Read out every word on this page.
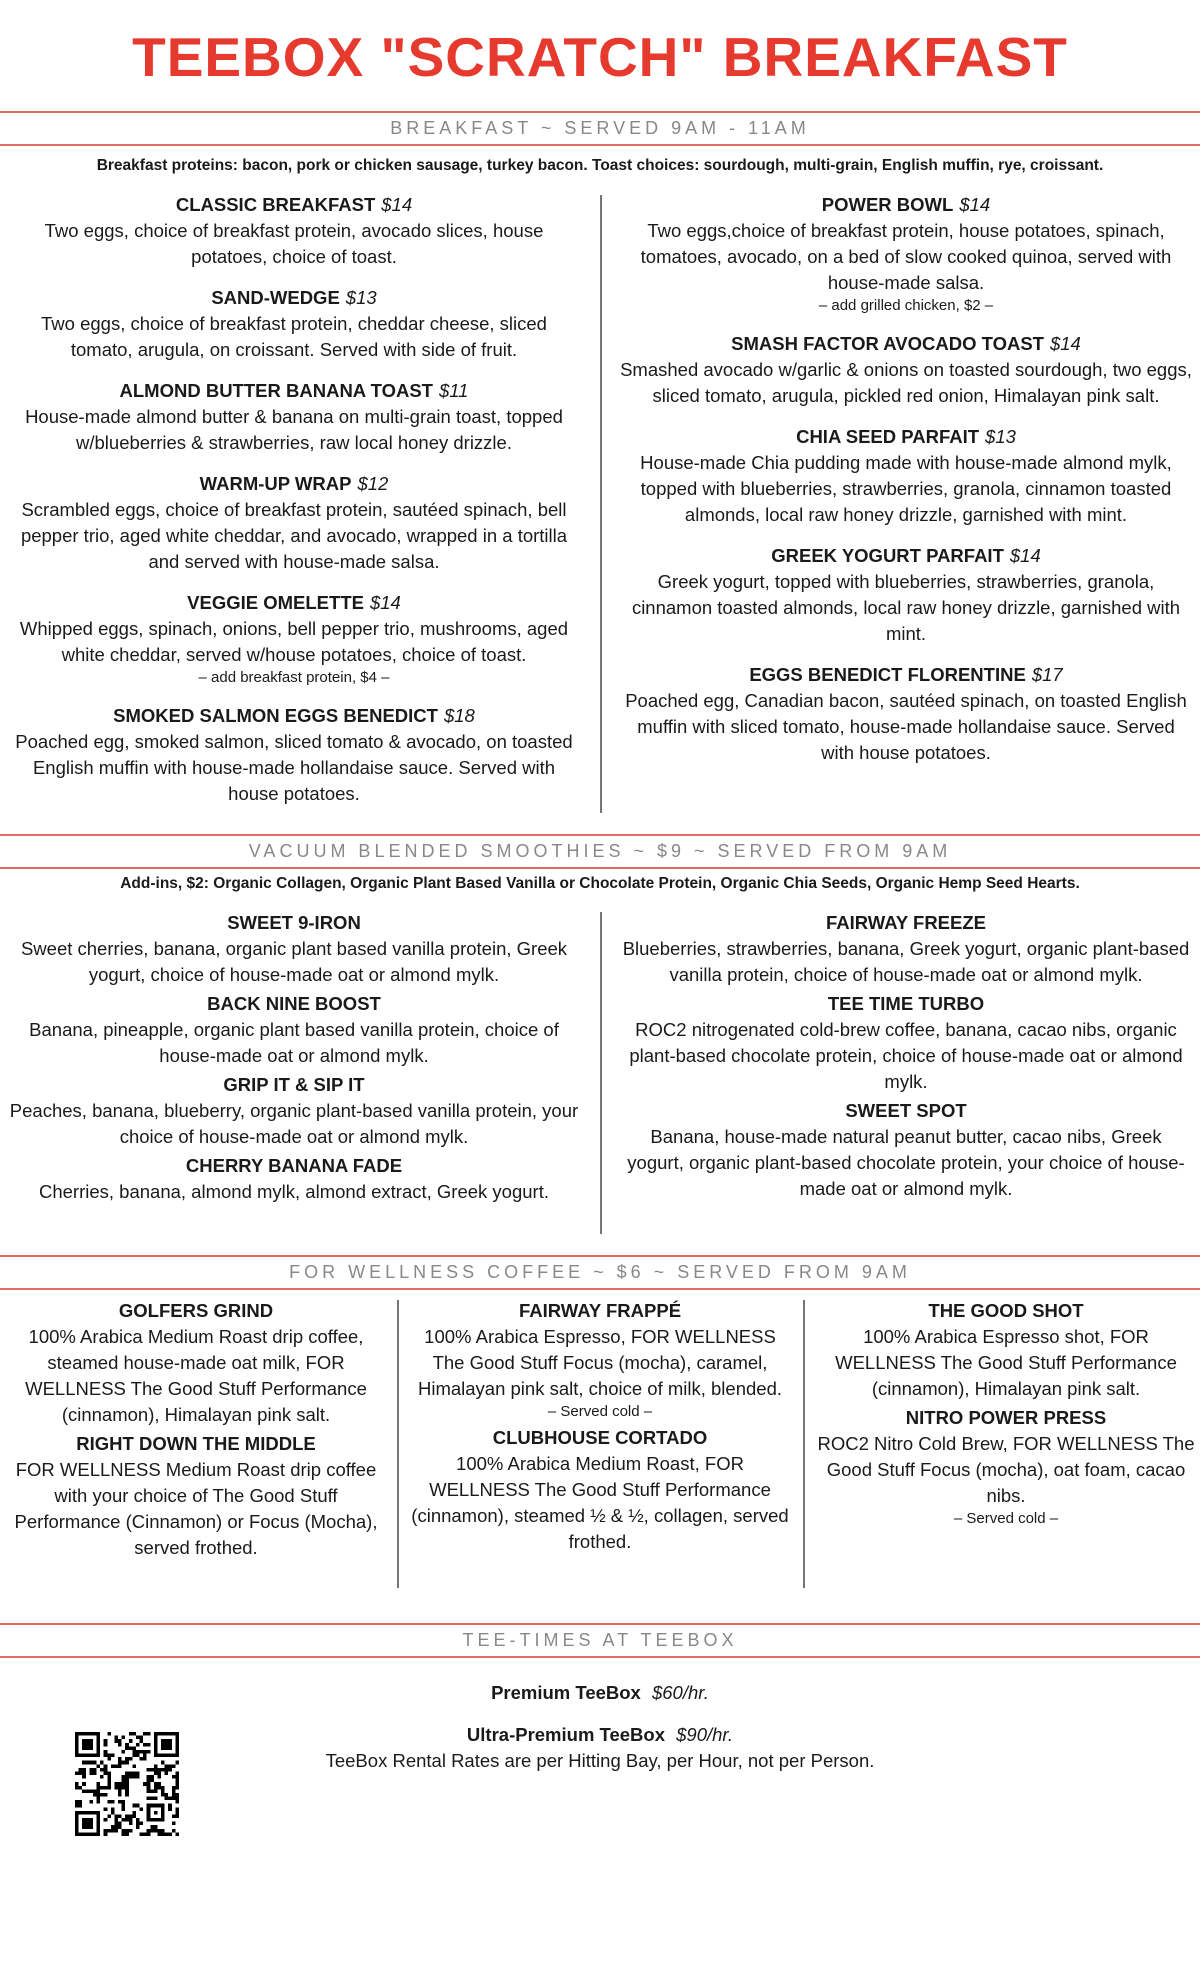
TEEBOX "SCRATCH" BREAKFAST
BREAKFAST ~ SERVED 9AM - 11AM
Breakfast proteins: bacon, pork or chicken sausage, turkey bacon. Toast choices: sourdough, multi-grain, English muffin, rye, croissant.
CLASSIC BREAKFAST $14
Two eggs, choice of breakfast protein, avocado slices, house potatoes, choice of toast.
SAND-WEDGE $13
Two eggs, choice of breakfast protein, cheddar cheese, sliced tomato, arugula, on croissant. Served with side of fruit.
ALMOND BUTTER BANANA TOAST $11
House-made almond butter & banana on multi-grain toast, topped w/blueberries & strawberries, raw local honey drizzle.
WARM-UP WRAP $12
Scrambled eggs, choice of breakfast protein, sautéed spinach, bell pepper trio, aged white cheddar, and avocado, wrapped in a tortilla and served with house-made salsa.
VEGGIE OMELETTE $14
Whipped eggs, spinach, onions, bell pepper trio, mushrooms, aged white cheddar, served w/house potatoes, choice of toast.
– add breakfast protein, $4 –
SMOKED SALMON EGGS BENEDICT $18
Poached egg, smoked salmon, sliced tomato & avocado, on toasted English muffin with house-made hollandaise sauce. Served with house potatoes.
POWER BOWL $14
Two eggs,choice of breakfast protein, house potatoes, spinach, tomatoes, avocado, on a bed of slow cooked quinoa, served with house-made salsa.
– add grilled chicken, $2 –
SMASH FACTOR AVOCADO TOAST $14
Smashed avocado w/garlic & onions on toasted sourdough, two eggs, sliced tomato, arugula, pickled red onion, Himalayan pink salt.
CHIA SEED PARFAIT $13
House-made Chia pudding made with house-made almond mylk, topped with blueberries, strawberries, granola, cinnamon toasted almonds, local raw honey drizzle, garnished with mint.
GREEK YOGURT PARFAIT $14
Greek yogurt, topped with blueberries, strawberries, granola, cinnamon toasted almonds, local raw honey drizzle, garnished with mint.
EGGS BENEDICT FLORENTINE $17
Poached egg, Canadian bacon, sautéed spinach, on toasted English muffin with sliced tomato, house-made hollandaise sauce. Served with house potatoes.
VACUUM BLENDED SMOOTHIES ~ $9 ~ SERVED FROM 9AM
Add-ins, $2: Organic Collagen, Organic Plant Based Vanilla or Chocolate Protein, Organic Chia Seeds, Organic Hemp Seed Hearts.
SWEET 9-IRON
Sweet cherries, banana, organic plant based vanilla protein, Greek yogurt, choice of house-made oat or almond mylk.
BACK NINE BOOST
Banana, pineapple, organic plant based vanilla protein, choice of house-made oat or almond mylk.
GRIP IT & SIP IT
Peaches, banana, blueberry, organic plant-based vanilla protein, your choice of house-made oat or almond mylk.
CHERRY BANANA FADE
Cherries, banana, almond mylk, almond extract, Greek yogurt.
FAIRWAY FREEZE
Blueberries, strawberries, banana, Greek yogurt, organic plant-based vanilla protein, choice of house-made oat or almond mylk.
TEE TIME TURBO
ROC2 nitrogenated cold-brew coffee, banana, cacao nibs, organic plant-based chocolate protein, choice of house-made oat or almond mylk.
SWEET SPOT
Banana, house-made natural peanut butter, cacao nibs, Greek yogurt, organic plant-based chocolate protein, your choice of house-made oat or almond mylk.
FOR WELLNESS COFFEE ~ $6 ~ SERVED FROM 9AM
GOLFERS GRIND
100% Arabica Medium Roast drip coffee, steamed house-made oat milk, FOR WELLNESS The Good Stuff Performance (cinnamon), Himalayan pink salt.
RIGHT DOWN THE MIDDLE
FOR WELLNESS Medium Roast drip coffee with your choice of The Good Stuff Performance (Cinnamon) or Focus (Mocha), served frothed.
FAIRWAY FRAPPÉ
100% Arabica Espresso, FOR WELLNESS The Good Stuff Focus (mocha), caramel, Himalayan pink salt, choice of milk, blended.
– Served cold –
CLUBHOUSE CORTADO
100% Arabica Medium Roast, FOR WELLNESS The Good Stuff Performance (cinnamon), steamed ½ & ½, collagen, served frothed.
THE GOOD SHOT
100% Arabica Espresso shot, FOR WELLNESS The Good Stuff Performance (cinnamon), Himalayan pink salt.
NITRO POWER PRESS
ROC2 Nitro Cold Brew, FOR WELLNESS The Good Stuff Focus (mocha), oat foam, cacao nibs.
– Served cold –
TEE-TIMES AT TEEBOX
Premium TeeBox $60/hr.
Ultra-Premium TeeBox $90/hr.
TeeBox Rental Rates are per Hitting Bay, per Hour, not per Person.
